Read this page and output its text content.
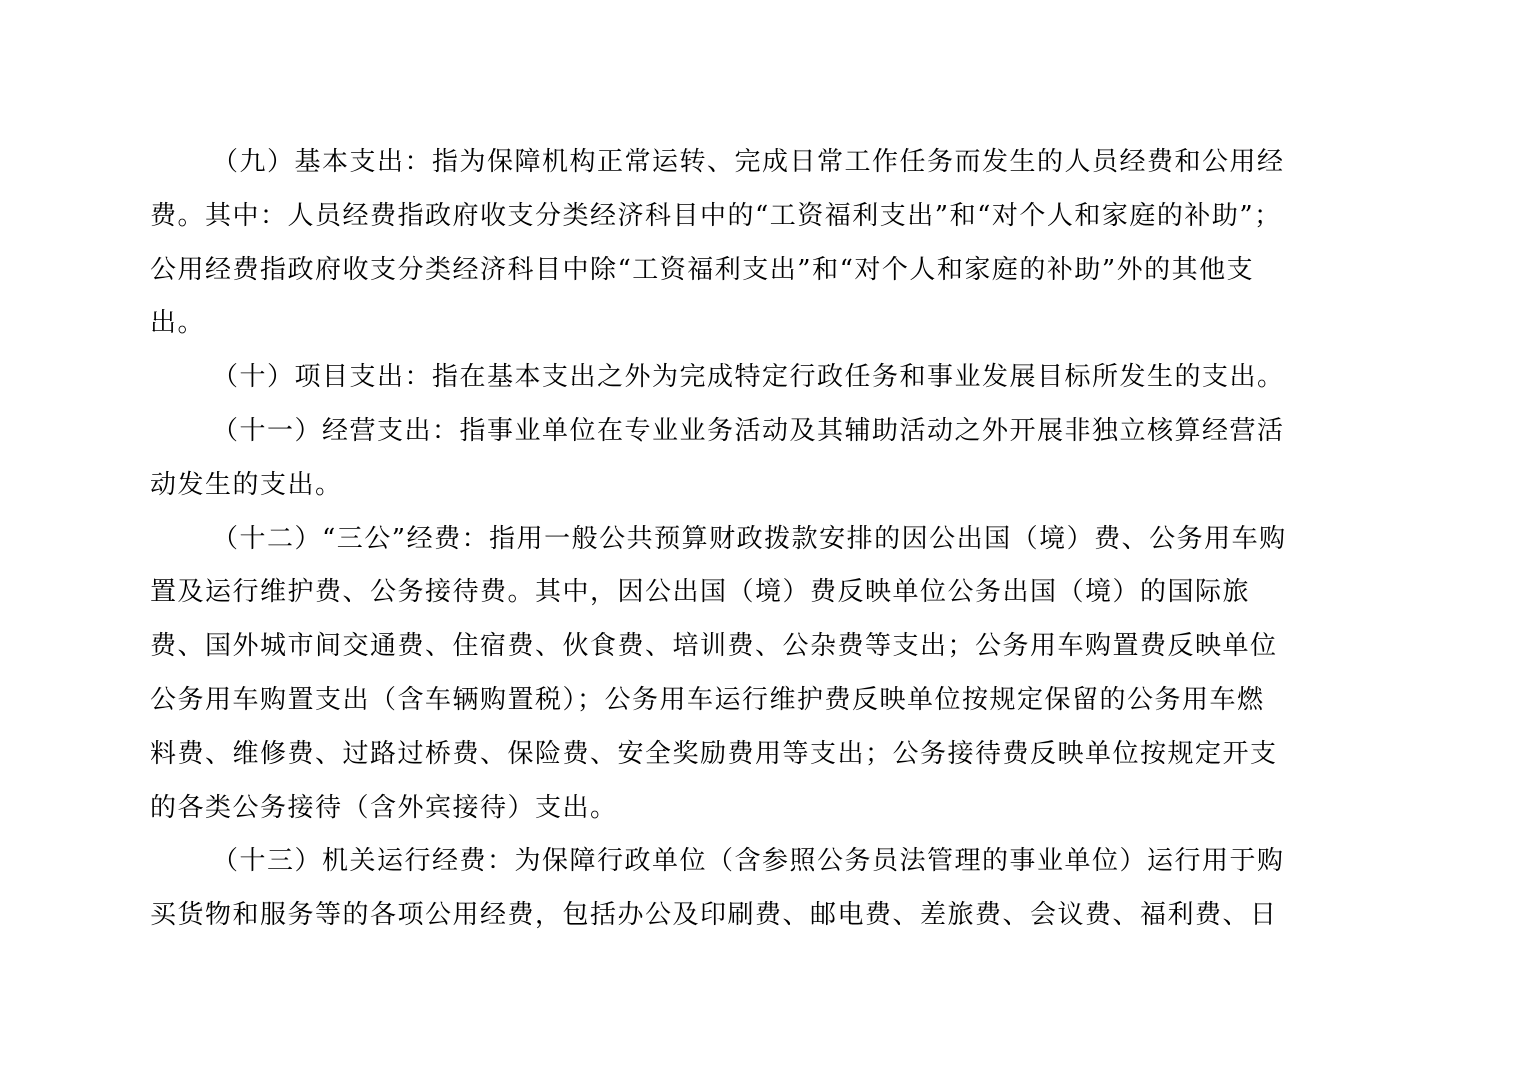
（九）基本支出：指为保障机构正常运转、完成日常工作任务而发生的人员经费和公用经
费。其中：人员经费指政府收支分类经济科目中的“工资福利支出”和“对个人和家庭的补助”；
公用经费指政府收支分类经济科目中除“工资福利支出”和“对个人和家庭的补助”外的其他支
出。
（十）项目支出：指在基本支出之外为完成特定行政任务和事业发展目标所发生的支出。
（十一）经营支出：指事业单位在专业业务活动及其辅助活动之外开展非独立核算经营活
动发生的支出。
（十二）“三公”经费：指用一般公共预算财政拨款安排的因公出国（境）费、公务用车购
置及运行维护费、公务接待费。其中，因公出国（境）费反映单位公务出国（境）的国际旅
费、国外城市间交通费、住宿费、伙食费、培训费、公杂费等支出；公务用车购置费反映单位
公务用车购置支出（含车辆购置税）；公务用车运行维护费反映单位按规定保留的公务用车燃
料费、维修费、过路过桥费、保险费、安全奖励费用等支出；公务接待费反映单位按规定开支
的各类公务接待（含外宾接待）支出。
（十三）机关运行经费：为保障行政单位（含参照公务员法管理的事业单位）运行用于购
买货物和服务等的各项公用经费，包括办公及印刷费、邮电费、差旅费、会议费、福利费、日
